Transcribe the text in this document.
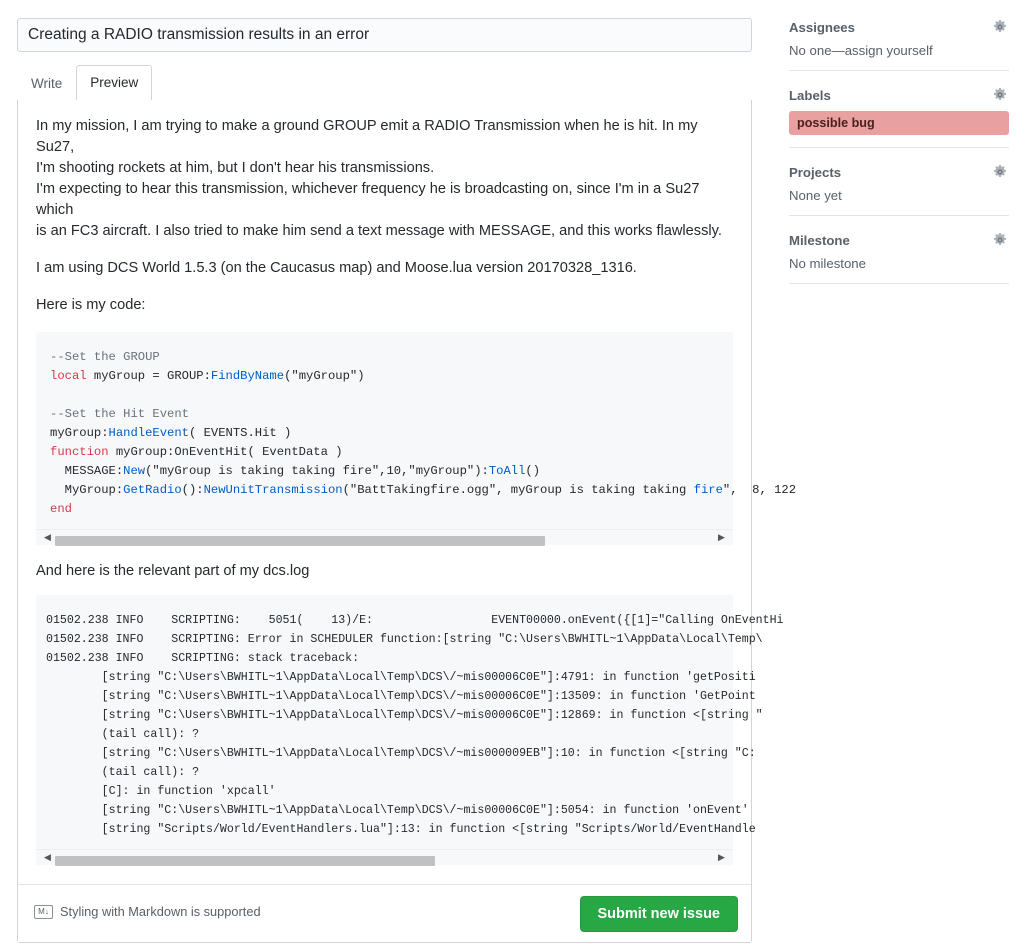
Creating a RADIO transmission results in an error
Write	Preview

In my mission, I am trying to make a ground GROUP emit a RADIO Transmission when he is hit. In my Su27,
I'm shooting rockets at him, but I don't hear his transmissions.
I'm expecting to hear this transmission, whichever frequency he is broadcasting on, since I'm in a Su27 which
is an FC3 aircraft. I also tried to make him send a text message with MESSAGE, and this works flawlessly.

I am using DCS World 1.5.3 (on the Caucasus map) and Moose.lua version 20170328_1316.

Here is my code:

--Set the GROUP
local myGroup = GROUP:FindByName("myGroup")

--Set the Hit Event
myGroup:HandleEvent( EVENTS.Hit )
function myGroup:OnEventHit( EventData )
MESSAGE:New("myGroup is taking taking fire",10,"myGroup"):ToAll()
MyGroup:GetRadio():NewUnitTransmission("BattTakingfire.ogg", myGroup is taking taking fire",  8, 122
end
◀	▶
And here is the relevant part of my dcs.log
01502.238 INFO    SCRIPTING:    5051(    13)/E:                 EVENT00000.onEvent({[1]="Calling OnEventHi
01502.238 INFO    SCRIPTING: Error in SCHEDULER function:[string "C:\Users\BWHITL~1\AppData\Local\Temp\
01502.238 INFO    SCRIPTING: stack traceback:
[string "C:\Users\BWHITL~1\AppData\Local\Temp\DCS\/~mis00006C0E"]:4791: in function 'getPositi
[string "C:\Users\BWHITL~1\AppData\Local\Temp\DCS\/~mis00006C0E"]:13509: in function 'GetPoint
[string "C:\Users\BWHITL~1\AppData\Local\Temp\DCS\/~mis00006C0E"]:12869: in function <[string "
(tail call): ?
[string "C:\Users\BWHITL~1\AppData\Local\Temp\DCS\/~mis000009EB"]:10: in function <[string "C:
(tail call): ?
[C]: in function 'xpcall'
[string "C:\Users\BWHITL~1\AppData\Local\Temp\DCS\/~mis00006C0E"]:5054: in function 'onEvent'
[string "Scripts/World/EventHandlers.lua"]:13: in function <[string "Scripts/World/EventHandle
◀	▶
M↓ Styling with Markdown is supported	Submit new issue
Assignees
No one—assign yourself
Labels
possible bug
Projects
None yet
Milestone
No milestone
